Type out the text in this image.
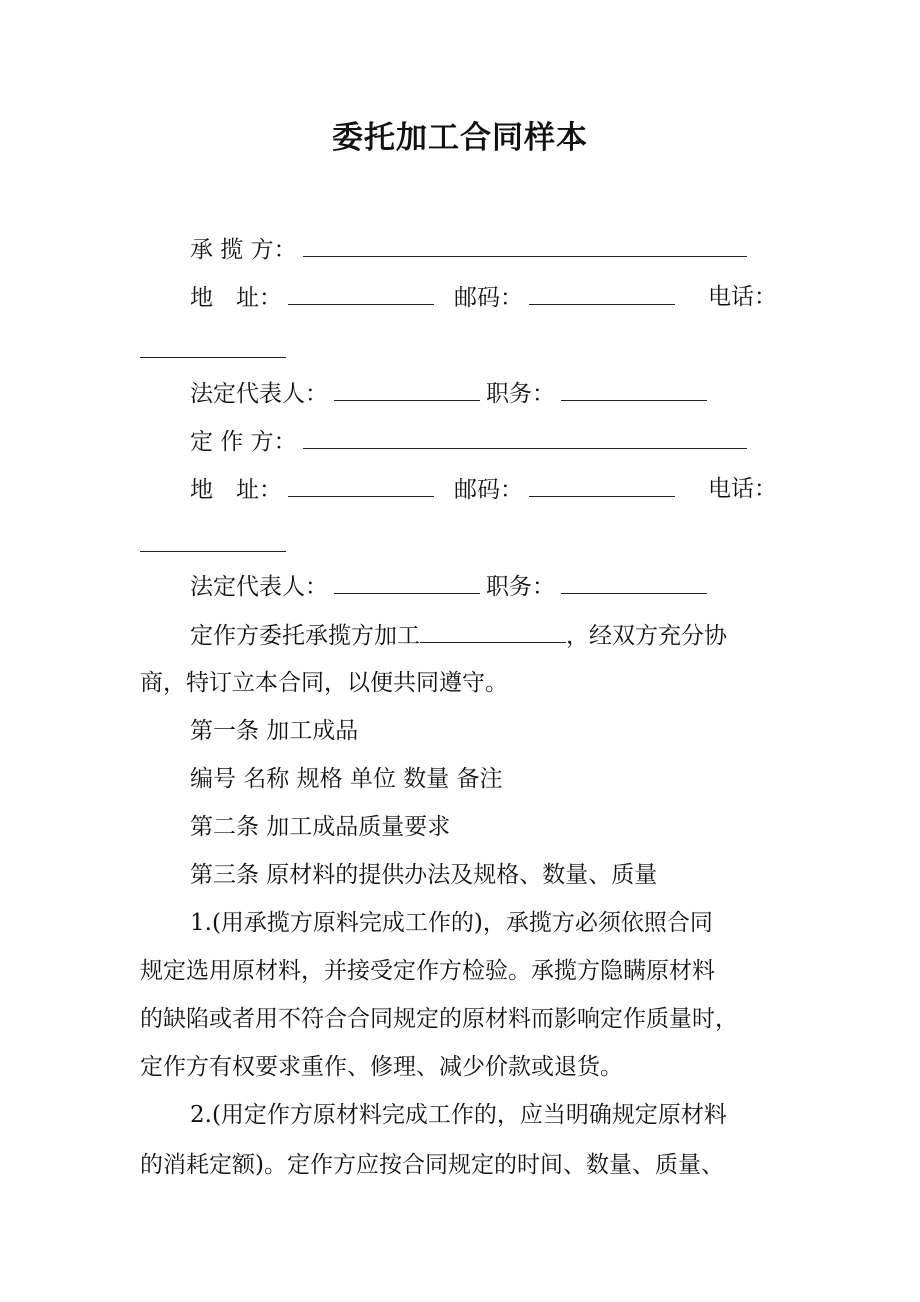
委托加工合同样本
承 揽 方：
地　址：	邮码：	电话：
法定代表人：	职务：
定 作 方：
地　址：	邮码：	电话：
法定代表人：	职务：
定作方委托承揽方加工	，经双方充分协
商，特订立本合同，以便共同遵守。
第一条 加工成品
编号 名称 规格 单位 数量 备注
第二条 加工成品质量要求
第三条 原材料的提供办法及规格、数量、质量
1.(用承揽方原料完成工作的)，承揽方必须依照合同
规定选用原材料，并接受定作方检验。承揽方隐瞒原材料
的缺陷或者用不符合合同规定的原材料而影响定作质量时，
定作方有权要求重作、修理、减少价款或退货。
2.(用定作方原材料完成工作的，应当明确规定原材料
的消耗定额)。定作方应按合同规定的时间、数量、质量、
